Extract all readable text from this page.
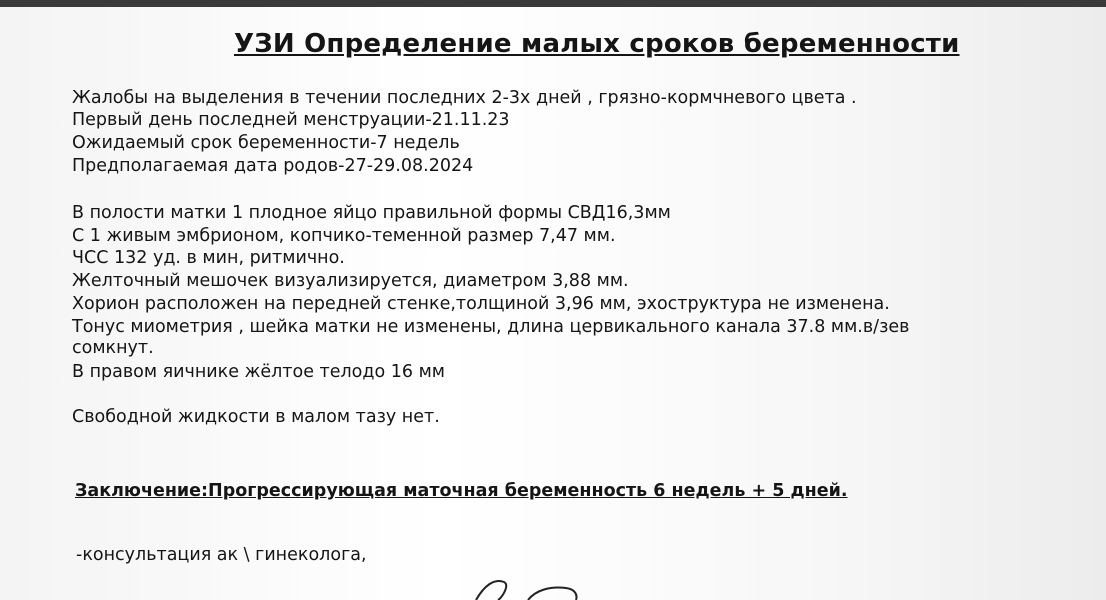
УЗИ Определение малых сроков беременности
Жалобы на выделения в течении последних 2-3х дней , грязно-кормчневого цвета .
Первый день последней менструации-21.11.23
Ожидаемый срок беременности-7 недель
Предполагаемая дата родов-27-29.08.2024
В полости матки 1 плодное яйцо правильной формы СВД16,3мм
С 1 живым эмбрионом, копчико-теменной размер 7,47 мм.
ЧСС 132 уд. в мин, ритмично.
Желточный мешочек визуализируется, диаметром 3,88 мм.
Хорион расположен на передней стенке,толщиной 3,96 мм, эхоструктура не изменена.
Тонус миометрия , шейка матки не изменены, длина цервикального канала 37.8 мм.в/зев
сомкнут.
В правом яичнике жёлтое телодо 16 мм
Свободной жидкости в малом тазу нет.
Заключение:Прогрессирующая маточная беременность 6 недель + 5 дней.
-консультация ак \ гинеколога,
